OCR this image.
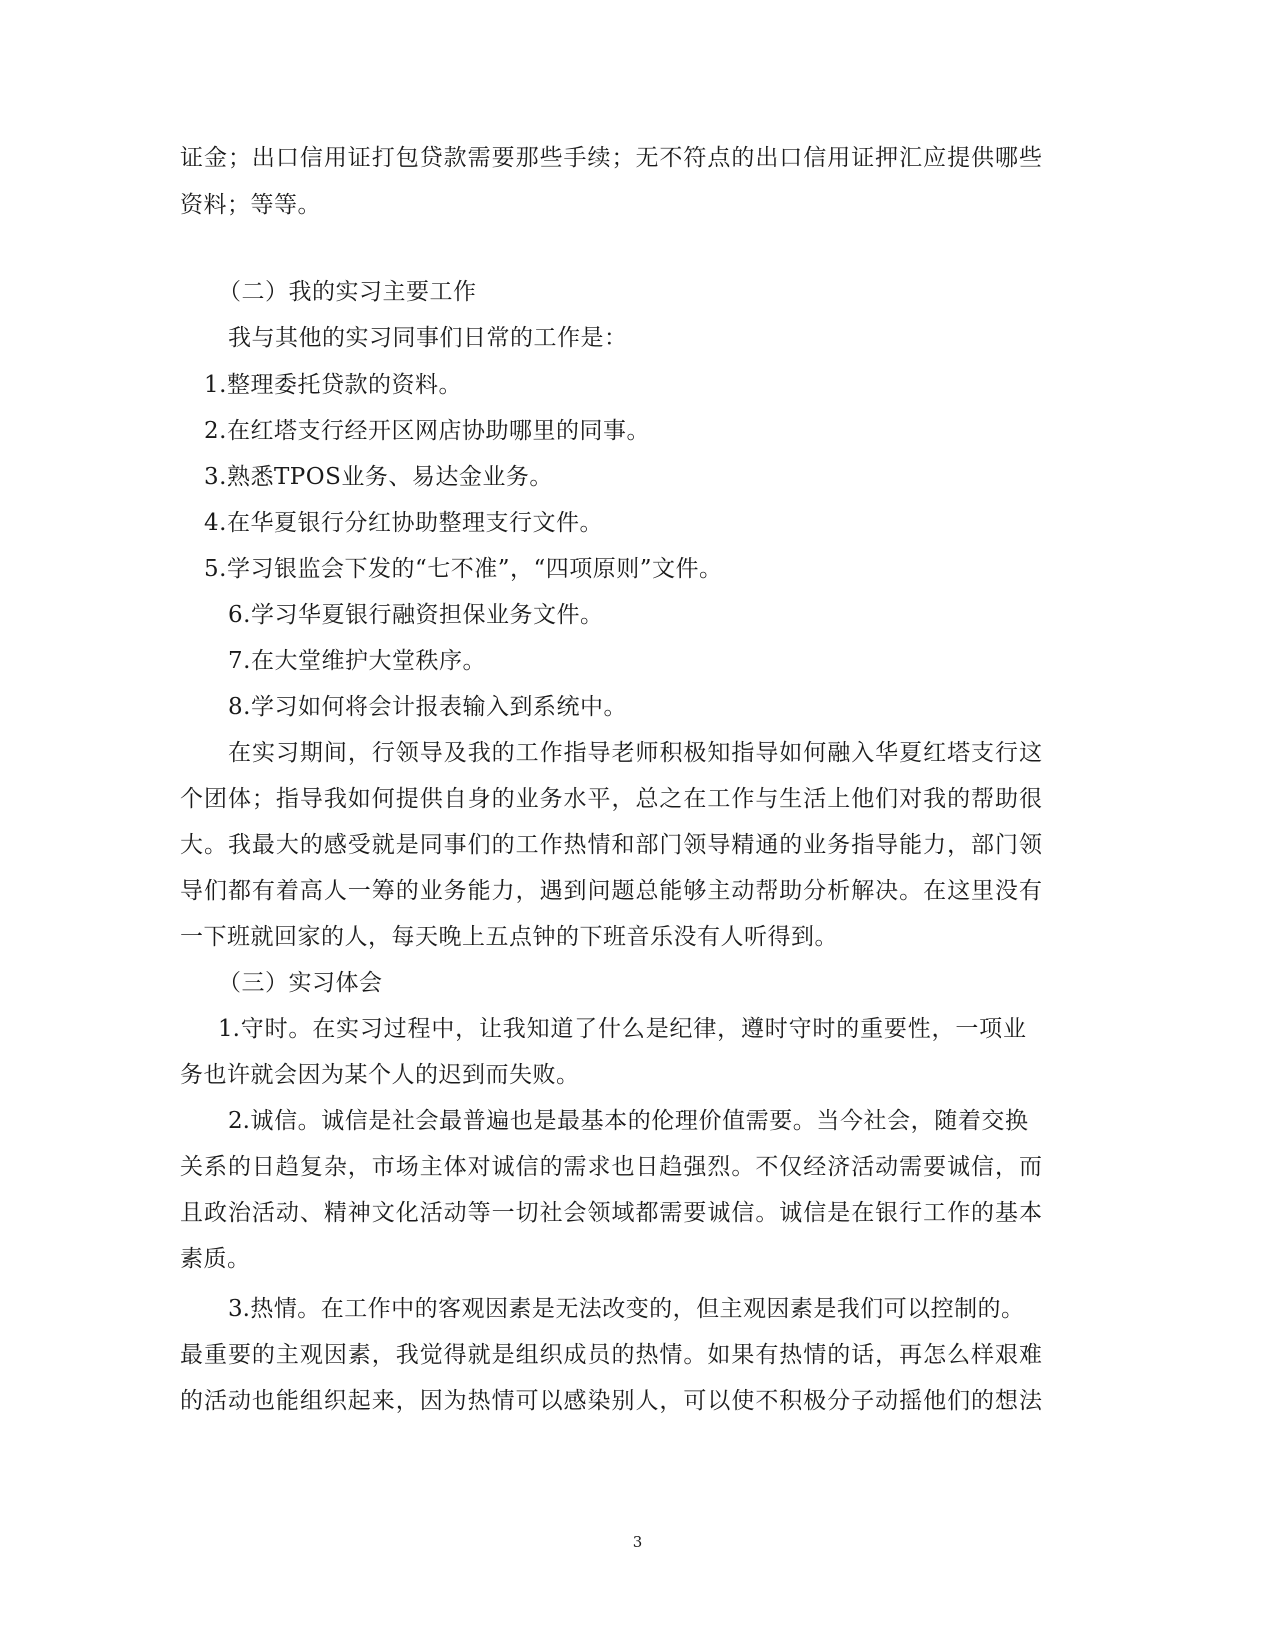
证金；出口信用证打包贷款需要那些手续；无不符点的出口信用证押汇应提供哪些
资料；等等。
（二）我的实习主要工作
我与其他的实习同事们日常的工作是：
1.整理委托贷款的资料。
2.在红塔支行经开区网店协助哪里的同事。
3.熟悉TPOS业务、易达金业务。
4.在华夏银行分红协助整理支行文件。
5.学习银监会下发的“七不准”，“四项原则”文件。
6.学习华夏银行融资担保业务文件。
7.在大堂维护大堂秩序。
8.学习如何将会计报表输入到系统中。
在实习期间，行领导及我的工作指导老师积极知指导如何融入华夏红塔支行这
个团体；指导我如何提供自身的业务水平，总之在工作与生活上他们对我的帮助很
大。我最大的感受就是同事们的工作热情和部门领导精通的业务指导能力，部门领
导们都有着高人一筹的业务能力，遇到问题总能够主动帮助分析解决。在这里没有
一下班就回家的人，每天晚上五点钟的下班音乐没有人听得到。
（三）实习体会
1.守时。在实习过程中，让我知道了什么是纪律，遵时守时的重要性，一项业
务也许就会因为某个人的迟到而失败。
2.诚信。诚信是社会最普遍也是最基本的伦理价值需要。当今社会，随着交换
关系的日趋复杂，市场主体对诚信的需求也日趋强烈。不仅经济活动需要诚信，而
且政治活动、精神文化活动等一切社会领域都需要诚信。诚信是在银行工作的基本
素质。
3.热情。在工作中的客观因素是无法改变的，但主观因素是我们可以控制的。
最重要的主观因素，我觉得就是组织成员的热情。如果有热情的话，再怎么样艰难
的活动也能组织起来，因为热情可以感染别人，可以使不积极分子动摇他们的想法
3
